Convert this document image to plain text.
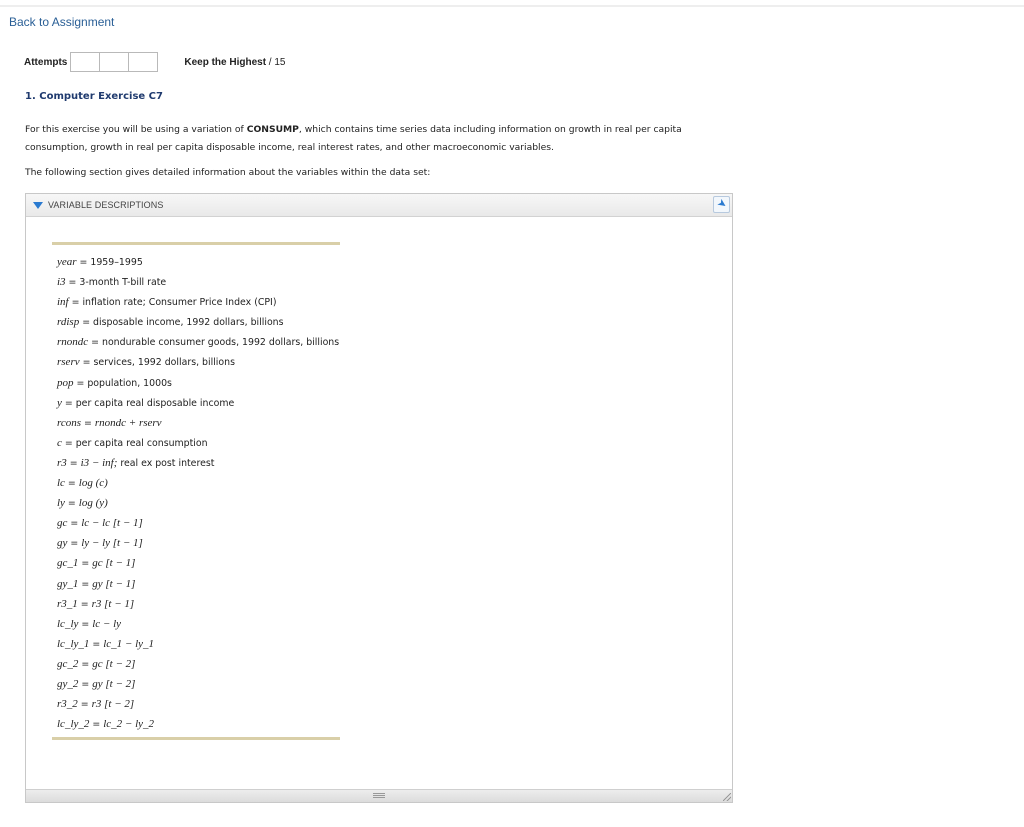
Back to Assignment
Attempts	Keep the Highest / 15
1. Computer Exercise C7
For this exercise you will be using a variation of CONSUMP, which contains time series data including information on growth in real per capita consumption, growth in real per capita disposable income, real interest rates, and other macroeconomic variables.
The following section gives detailed information about the variables within the data set:
VARIABLE DESCRIPTIONS	➤
year = 1959–1995
i3 = 3-month T-bill rate
inf = inflation rate; Consumer Price Index (CPI)
rdisp = disposable income, 1992 dollars, billions
rnondc = nondurable consumer goods, 1992 dollars, billions
rserv = services, 1992 dollars, billions
pop = population, 1000s
y = per capita real disposable income
rcons = rnondc + rserv
c = per capita real consumption
r3 = i3 − inf; real ex post interest
lc = log (c)
ly = log (y)
gc = lc − lc [t − 1]
gy = ly − ly [t − 1]
gc_1 = gc [t − 1]
gy_1 = gy [t − 1]
r3_1 = r3 [t − 1]
lc_ly = lc − ly
lc_ly_1 = lc_1 − ly_1
gc_2 = gc [t − 2]
gy_2 = gy [t − 2]
r3_2 = r3 [t − 2]
lc_ly_2 = lc_2 − ly_2
